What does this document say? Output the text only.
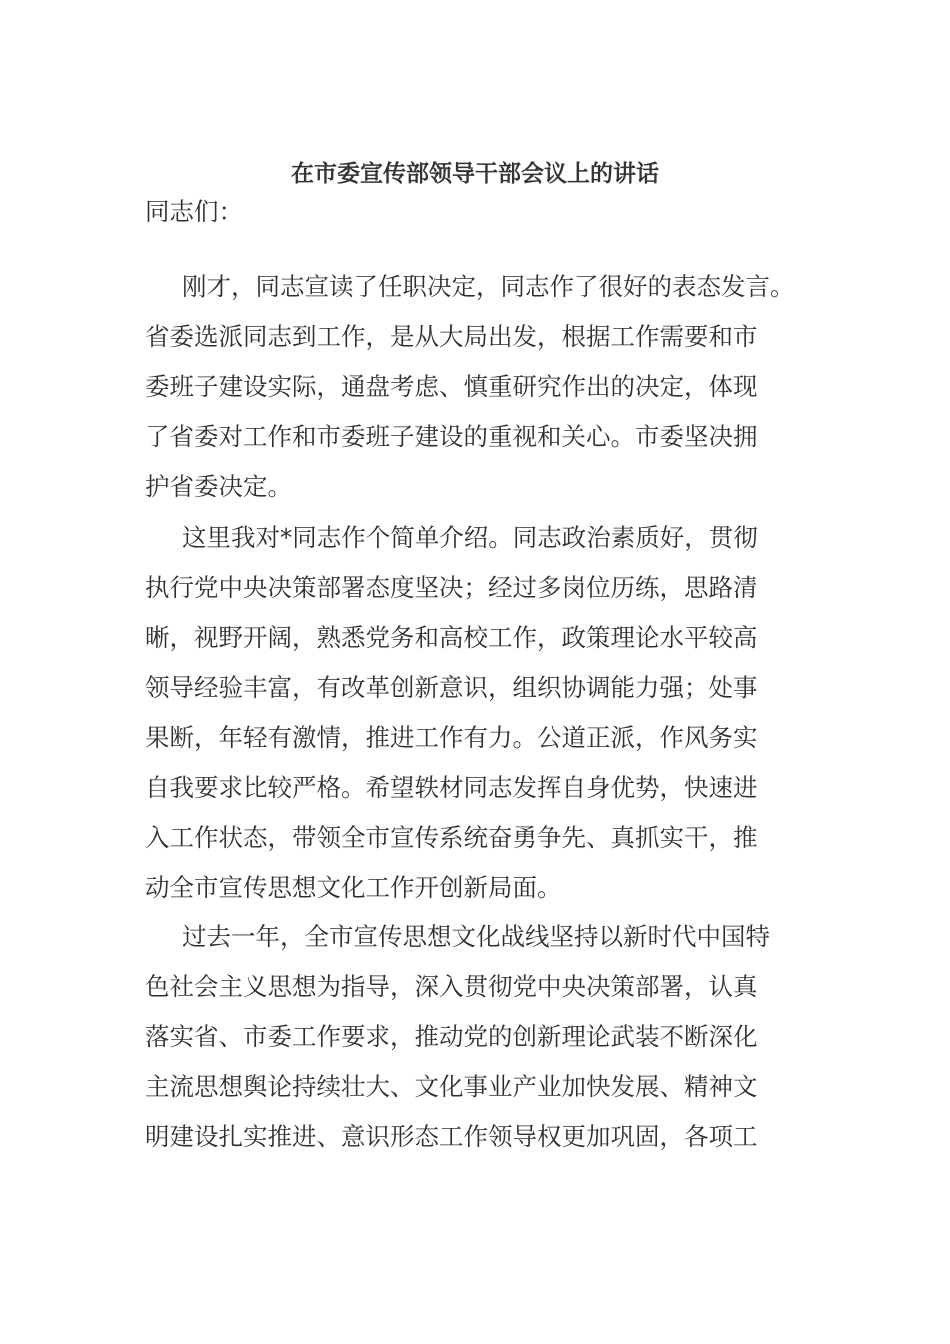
在市委宣传部领导干部会议上的讲话
同志们：
刚才，同志宣读了任职决定，同志作了很好的表态发言。
省委选派同志到工作，是从大局出发，根据工作需要和市
委班子建设实际，通盘考虑、慎重研究作出的决定，体现
了省委对工作和市委班子建设的重视和关心。市委坚决拥
护省委决定。
这里我对*同志作个简单介绍。同志政治素质好，贯彻
执行党中央决策部署态度坚决；经过多岗位历练，思路清
晰，视野开阔，熟悉党务和高校工作，政策理论水平较高
领导经验丰富，有改革创新意识，组织协调能力强；处事
果断，年轻有激情，推进工作有力。公道正派，作风务实
自我要求比较严格。希望轶材同志发挥自身优势，快速进
入工作状态，带领全市宣传系统奋勇争先、真抓实干，推
动全市宣传思想文化工作开创新局面。
过去一年，全市宣传思想文化战线坚持以新时代中国特
色社会主义思想为指导，深入贯彻党中央决策部署，认真
落实省、市委工作要求，推动党的创新理论武装不断深化
主流思想舆论持续壮大、文化事业产业加快发展、精神文
明建设扎实推进、意识形态工作领导权更加巩固，各项工
